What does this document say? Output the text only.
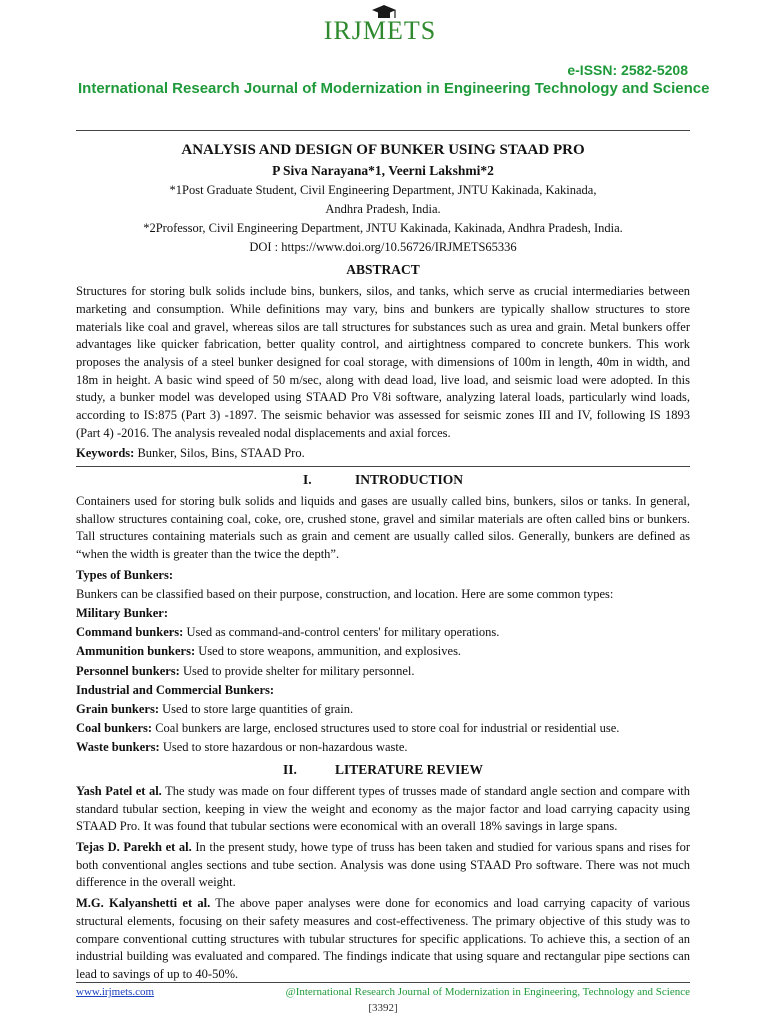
IRJMETS
e-ISSN: 2582-5208
International Research Journal of Modernization in Engineering Technology and Science
ANALYSIS AND DESIGN OF BUNKER USING STAAD PRO
P Siva Narayana*1, Veerni Lakshmi*2

*1Post Graduate Student, Civil Engineering Department, JNTU Kakinada, Kakinada,

Andhra Pradesh, India.

*2Professor, Civil Engineering Department, JNTU Kakinada, Kakinada, Andhra Pradesh, India.

DOI : https://www.doi.org/10.56726/IRJMETS65336

ABSTRACT

Structures for storing bulk solids include bins, bunkers, silos, and tanks, which serve as crucial intermediaries between marketing and consumption. While definitions may vary, bins and bunkers are typically shallow structures to store materials like coal and gravel, whereas silos are tall structures for substances such as urea and grain. Metal bunkers offer advantages like quicker fabrication, better quality control, and airtightness compared to concrete bunkers. This work proposes the analysis of a steel bunker designed for coal storage, with dimensions of 100m in length, 40m in width, and 18m in height. A basic wind speed of 50 m/sec, along with dead load, live load, and seismic load were adopted. In this study, a bunker model was developed using STAAD Pro V8i software, analyzing lateral loads, particularly wind loads, according to IS:875 (Part 3) -1897. The seismic behavior was assessed for seismic zones III and IV, following IS 1893 (Part 4) -2016. The analysis revealed nodal displacements and axial forces.

Keywords: Bunker, Silos, Bins, STAAD Pro.

I.	INTRODUCTION

Containers used for storing bulk solids and liquids and gases are usually called bins, bunkers, silos or tanks. In general, shallow structures containing coal, coke, ore, crushed stone, gravel and similar materials are often called bins or bunkers. Tall structures containing materials such as grain and cement are usually called silos. Generally, bunkers are defined as “when the width is greater than the twice the depth”.

Types of Bunkers:

Bunkers can be classified based on their purpose, construction, and location. Here are some common types:

Military Bunker:

Command bunkers: Used as command-and-control centers' for military operations.

Ammunition bunkers: Used to store weapons, ammunition, and explosives.

Personnel bunkers: Used to provide shelter for military personnel.

Industrial and Commercial Bunkers:

Grain bunkers: Used to store large quantities of grain.

Coal bunkers: Coal bunkers are large, enclosed structures used to store coal for industrial or residential use.

Waste bunkers: Used to store hazardous or non-hazardous waste.

II.	LITERATURE REVIEW

Yash Patel et al. The study was made on four different types of trusses made of standard angle section and compare with standard tubular section, keeping in view the weight and economy as the major factor and load carrying capacity using STAAD Pro. It was found that tubular sections were economical with an overall 18% savings in large spans.

Tejas D. Parekh et al. In the present study, howe type of truss has been taken and studied for various spans and rises for both conventional angles sections and tube section. Analysis was done using STAAD Pro software. There was not much difference in the overall weight.

M.G. Kalyanshetti et al. The above paper analyses were done for economics and load carrying capacity of various structural elements, focusing on their safety measures and cost-effectiveness. The primary objective of this study was to compare conventional cutting structures with tubular structures for specific applications. To achieve this, a section of an industrial building was evaluated and compared. The findings indicate that using square and rectangular pipe sections can lead to savings of up to 40-50%.

www.irjmets.com	@International Research Journal of Modernization in Engineering, Technology and Science
[3392]
